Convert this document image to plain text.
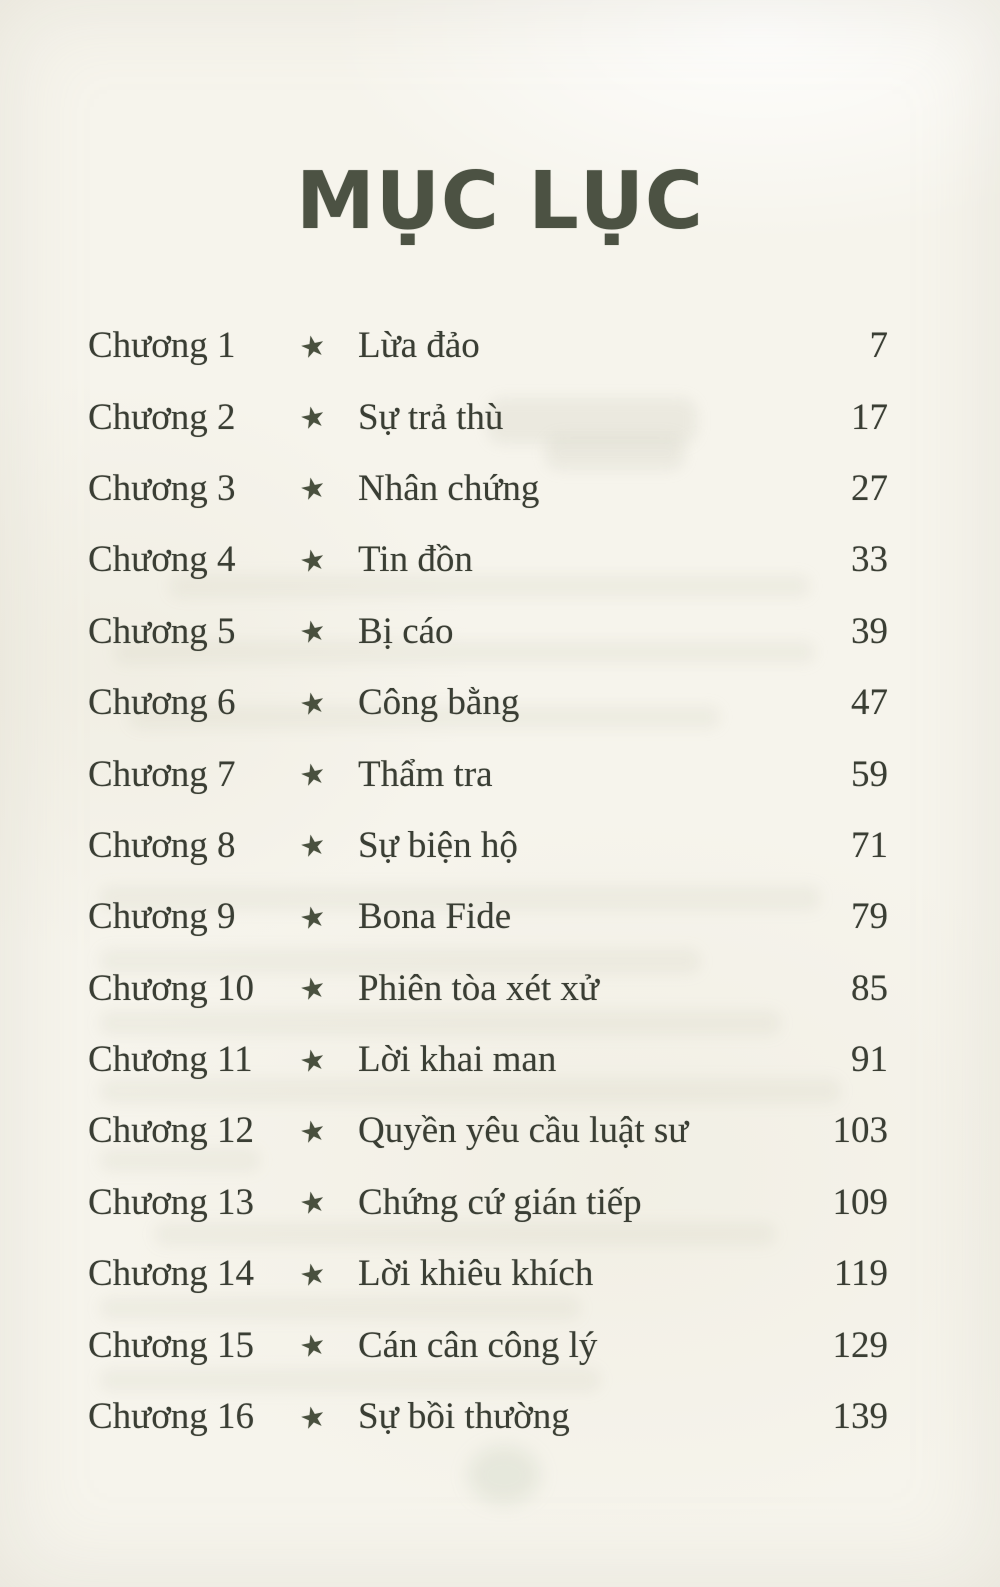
MỤC LỤC
Chương 1	★ Lừa đảo	7
Chương 2	★ Sự trả thù	17
Chương 3	★ Nhân chứng	27
Chương 4	★ Tin đồn	33
Chương 5	★ Bị cáo	39
Chương 6	★ Công bằng	47
Chương 7	★ Thẩm tra	59
Chương 8	★ Sự biện hộ	71
Chương 9	★ Bona Fide	79
Chương 10	★ Phiên tòa xét xử	85
Chương 11	★ Lời khai man	91
Chương 12	★ Quyền yêu cầu luật sư	103
Chương 13	★ Chứng cứ gián tiếp	109
Chương 14	★ Lời khiêu khích	119
Chương 15	★ Cán cân công lý	129
Chương 16	★ Sự bồi thường	139
